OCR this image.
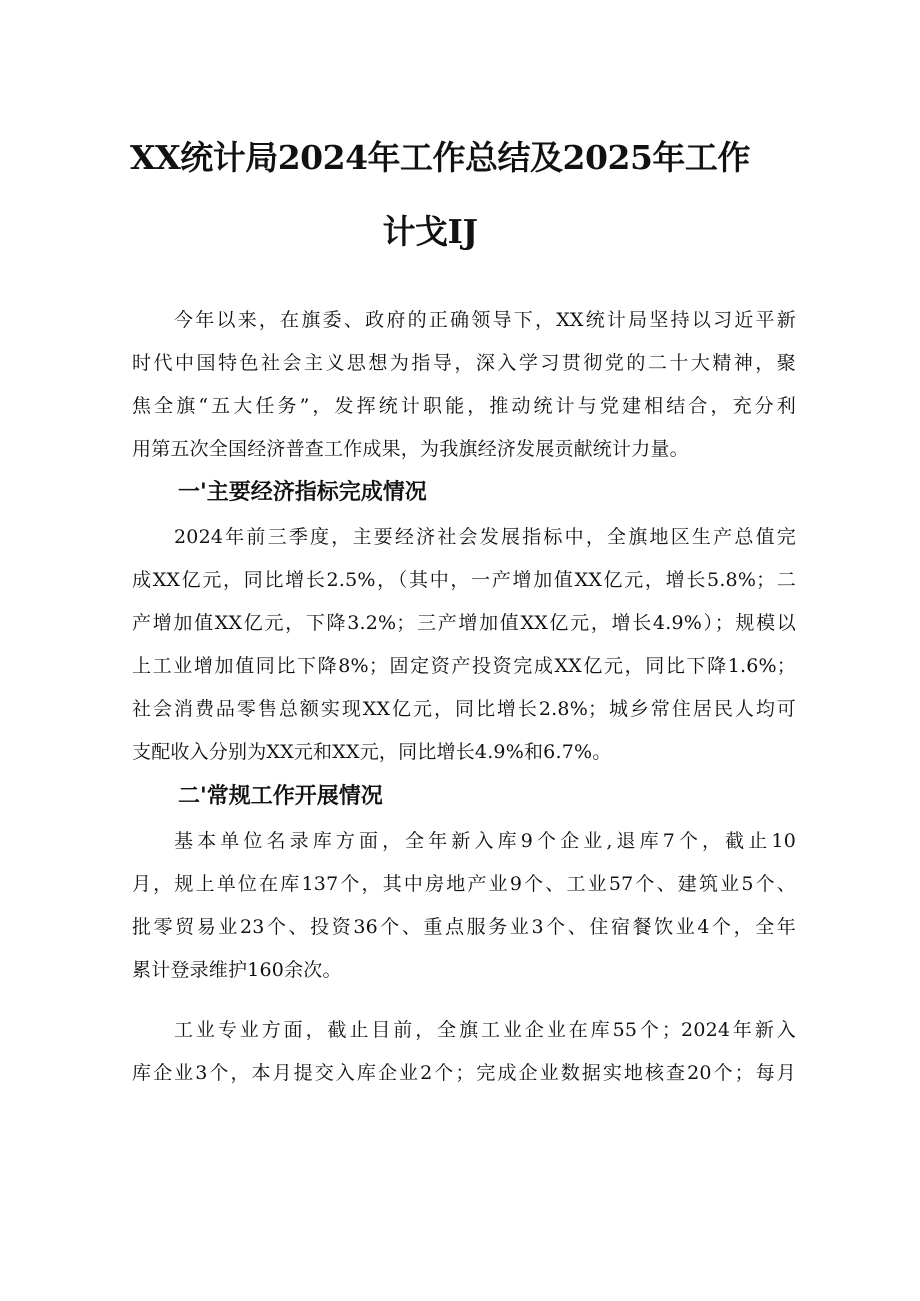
XX统计局2024年工作总结及2025年工作
计戈IJ
今年以来，在旗委、政府的正确领导下，XX统计局坚持以习近平新
时代中国特色社会主义思想为指导，深入学习贯彻党的二十大精神，聚
焦全旗“五大任务”，发挥统计职能，推动统计与党建相结合，充分利
用第五次全国经济普查工作成果，为我旗经济发展贡献统计力量。
一'主要经济指标完成情况
2024年前三季度，主要经济社会发展指标中，全旗地区生产总值完
成XX亿元，同比增长2.5%，（其中，一产增加值XX亿元，增长5.8%；二
产增加值XX亿元，下降3.2%；三产增加值XX亿元，增长4.9%）；规模以
上工业增加值同比下降8%；固定资产投资完成XX亿元，同比下降1.6%；
社会消费品零售总额实现XX亿元，同比增长2.8%；城乡常住居民人均可
支配收入分别为XX元和XX元，同比增长4.9%和6.7%。
二'常规工作开展情况
基本单位名录库方面，全年新入库9个企业,退库7个，截止10
月，规上单位在库137个，其中房地产业9个、工业57个、建筑业5个、
批零贸易业23个、投资36个、重点服务业3个、住宿餐饮业4个，全年
累计登录维护160余次。
工业专业方面，截止目前，全旗工业企业在库55个；2024年新入
库企业3个，本月提交入库企业2个；完成企业数据实地核查20个；每月
